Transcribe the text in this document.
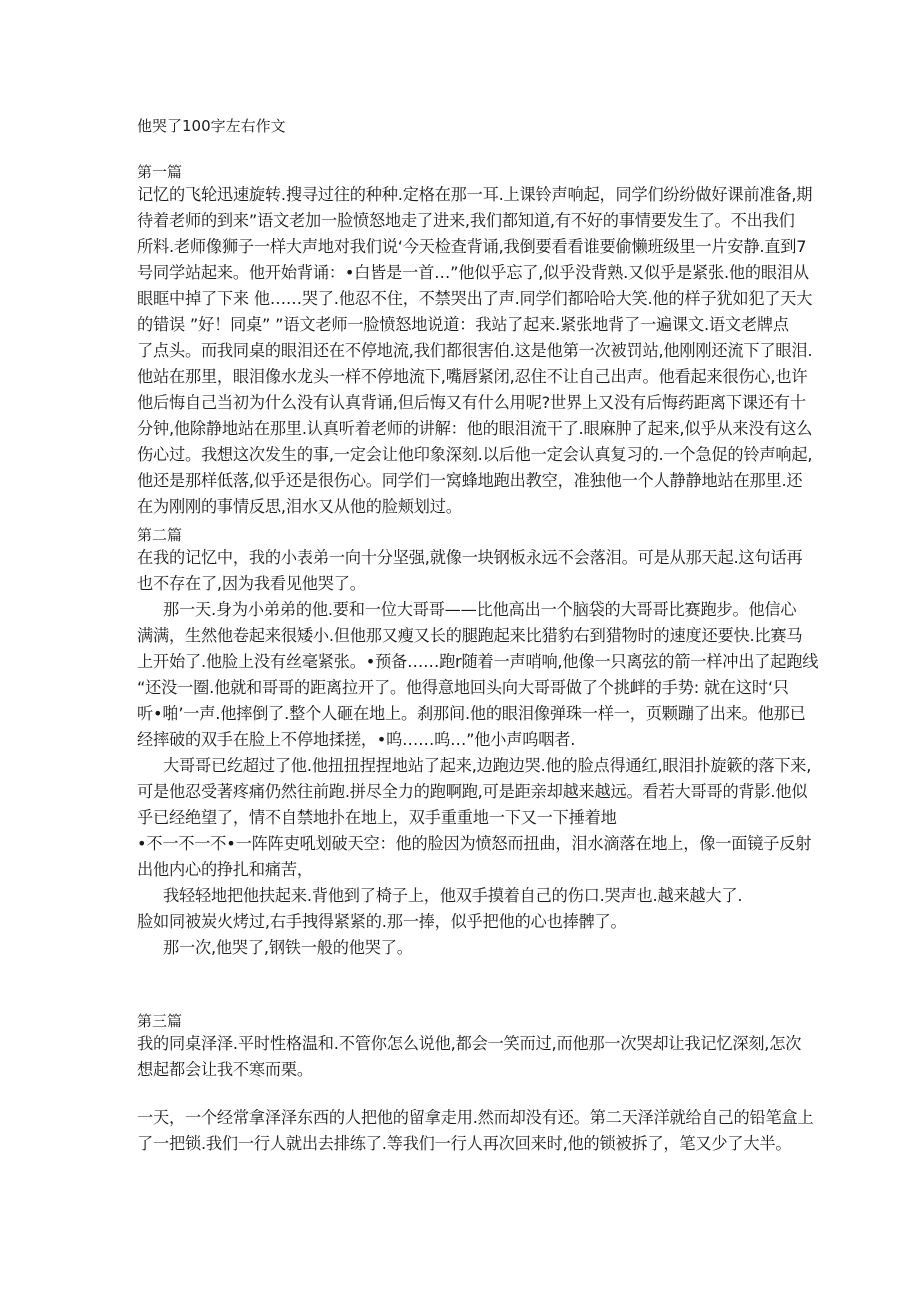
他哭了100字左右作文
第一篇
记忆的飞轮迅速旋转.搜寻过往的种种.定格在那一耳.上课铃声响起，同学们纷纷做好课前准备,期
待着老师的到来”语文老加一脸愤怒地走了进来,我们都知道,有不好的事情要发生了。不出我们
所料.老师像狮子一样大声地对我们说‘今天检查背诵,我倒要看看谁要偷懒班级里一片安静.直到7
号同学站起来。他开始背诵：•白皆是一首…”他似乎忘了,似乎没背熟.又似乎是紧张.他的眼泪从
眼眶中掉了下来 他……哭了.他忍不住，不禁哭出了声.同学们都哈哈大笑.他的样子犹如犯了天大
的错误 ”好！同桌” ”语文老师一脸愤怒地说道：我站了起来.紧张地背了一遍课文.语文老牌点
了点头。而我同桌的眼泪还在不停地流,我们都很害伯.这是他第一次被罚站,他刚刚还流下了眼泪.
他站在那里，眼泪像水龙头一样不停地流下,嘴唇紧闭,忍住不让自己出声。他看起来很伤心,也许
他后悔自己当初为什么没有认真背诵,但后悔又有什么用呢?世界上又没有后悔药距离下课还有十
分钟,他除静地站在那里.认真听着老师的讲解：他的眼泪流干了.眼麻肿了起来,似乎从来没有这么
伤心过。我想这次发生的事,一定会让他印象深刻.以后他一定会认真复习的.一个急促的铃声响起,
他还是那样低落,似乎还是很伤心。同学们一窝蜂地跑出教空，准独他一个人静静地站在那里.还
在为刚刚的事情反思,泪水又从他的脸颊划过。
第二篇
在我的记忆中，我的小表弟一向十分坚强,就像一块钢板永远不会落泪。可是从那天起.这句话再
也不存在了,因为我看见他哭了。
那一天.身为小弟弟的他.要和一位大哥哥——比他高出一个脑袋的大哥哥比赛跑步。他信心
满满，生然他卷起来很矮小.但他那又瘦又长的腿跑起来比猎豹右到猎物时的速度还要快.比赛马
上开始了.他脸上没有丝毫紧张。•预备……跑r随着一声哨响,他像一只离弦的箭一样冲出了起跑线
“还没一圈.他就和哥哥的距离拉开了。他得意地回头向大哥哥做了个挑衅的手势: 就在这时‘只
听•啪’一声.他摔倒了.整个人砸在地上。刹那间.他的眼泪像弹珠一样一，页颗蹦了出来。他那已
经摔破的双手在脸上不停地揉搓，•呜……呜…”他小声呜咽者.
大哥哥已纥超过了他.他扭扭捏捏地站了起来,边跑边哭.他的脸点得通红,眼泪扑旋簌的落下来,
可是他忍受著疼痛仍然往前跑.拼尽全力的跑啊跑,可是距亲却越来越远。看若大哥哥的背影.他似
乎已经绝望了，情不自禁地扑在地上，双手重重地一下又一下捶着地
•不一不一不•一阵阵吏吼划破天空：他的脸因为愤怒而扭曲，泪水滴落在地上，像一面镜子反射
出他内心的挣扎和痛苦，
我轻轻地把他扶起来.背他到了椅子上，他双手摸着自己的伤口.哭声也.越来越大了.
脸如同被炭火烤过,右手拽得紧紧的.那一捧，似乎把他的心也捧髀了。
那一次,他哭了,钢铁一般的他哭了。
第三篇
我的同桌泽泽.平时性格温和.不管你怎么说他,都会一笑而过,而他那一次哭却让我记忆深刻,怎次
想起都会让我不寒而栗。
一天，一个经常拿泽泽东西的人把他的留拿走用.然而却没有还。第二天泽洋就给自己的铅笔盒上
了一把锁.我们一行人就出去排练了.等我们一行人再次回来时,他的锁被拆了，笔又少了大半。
